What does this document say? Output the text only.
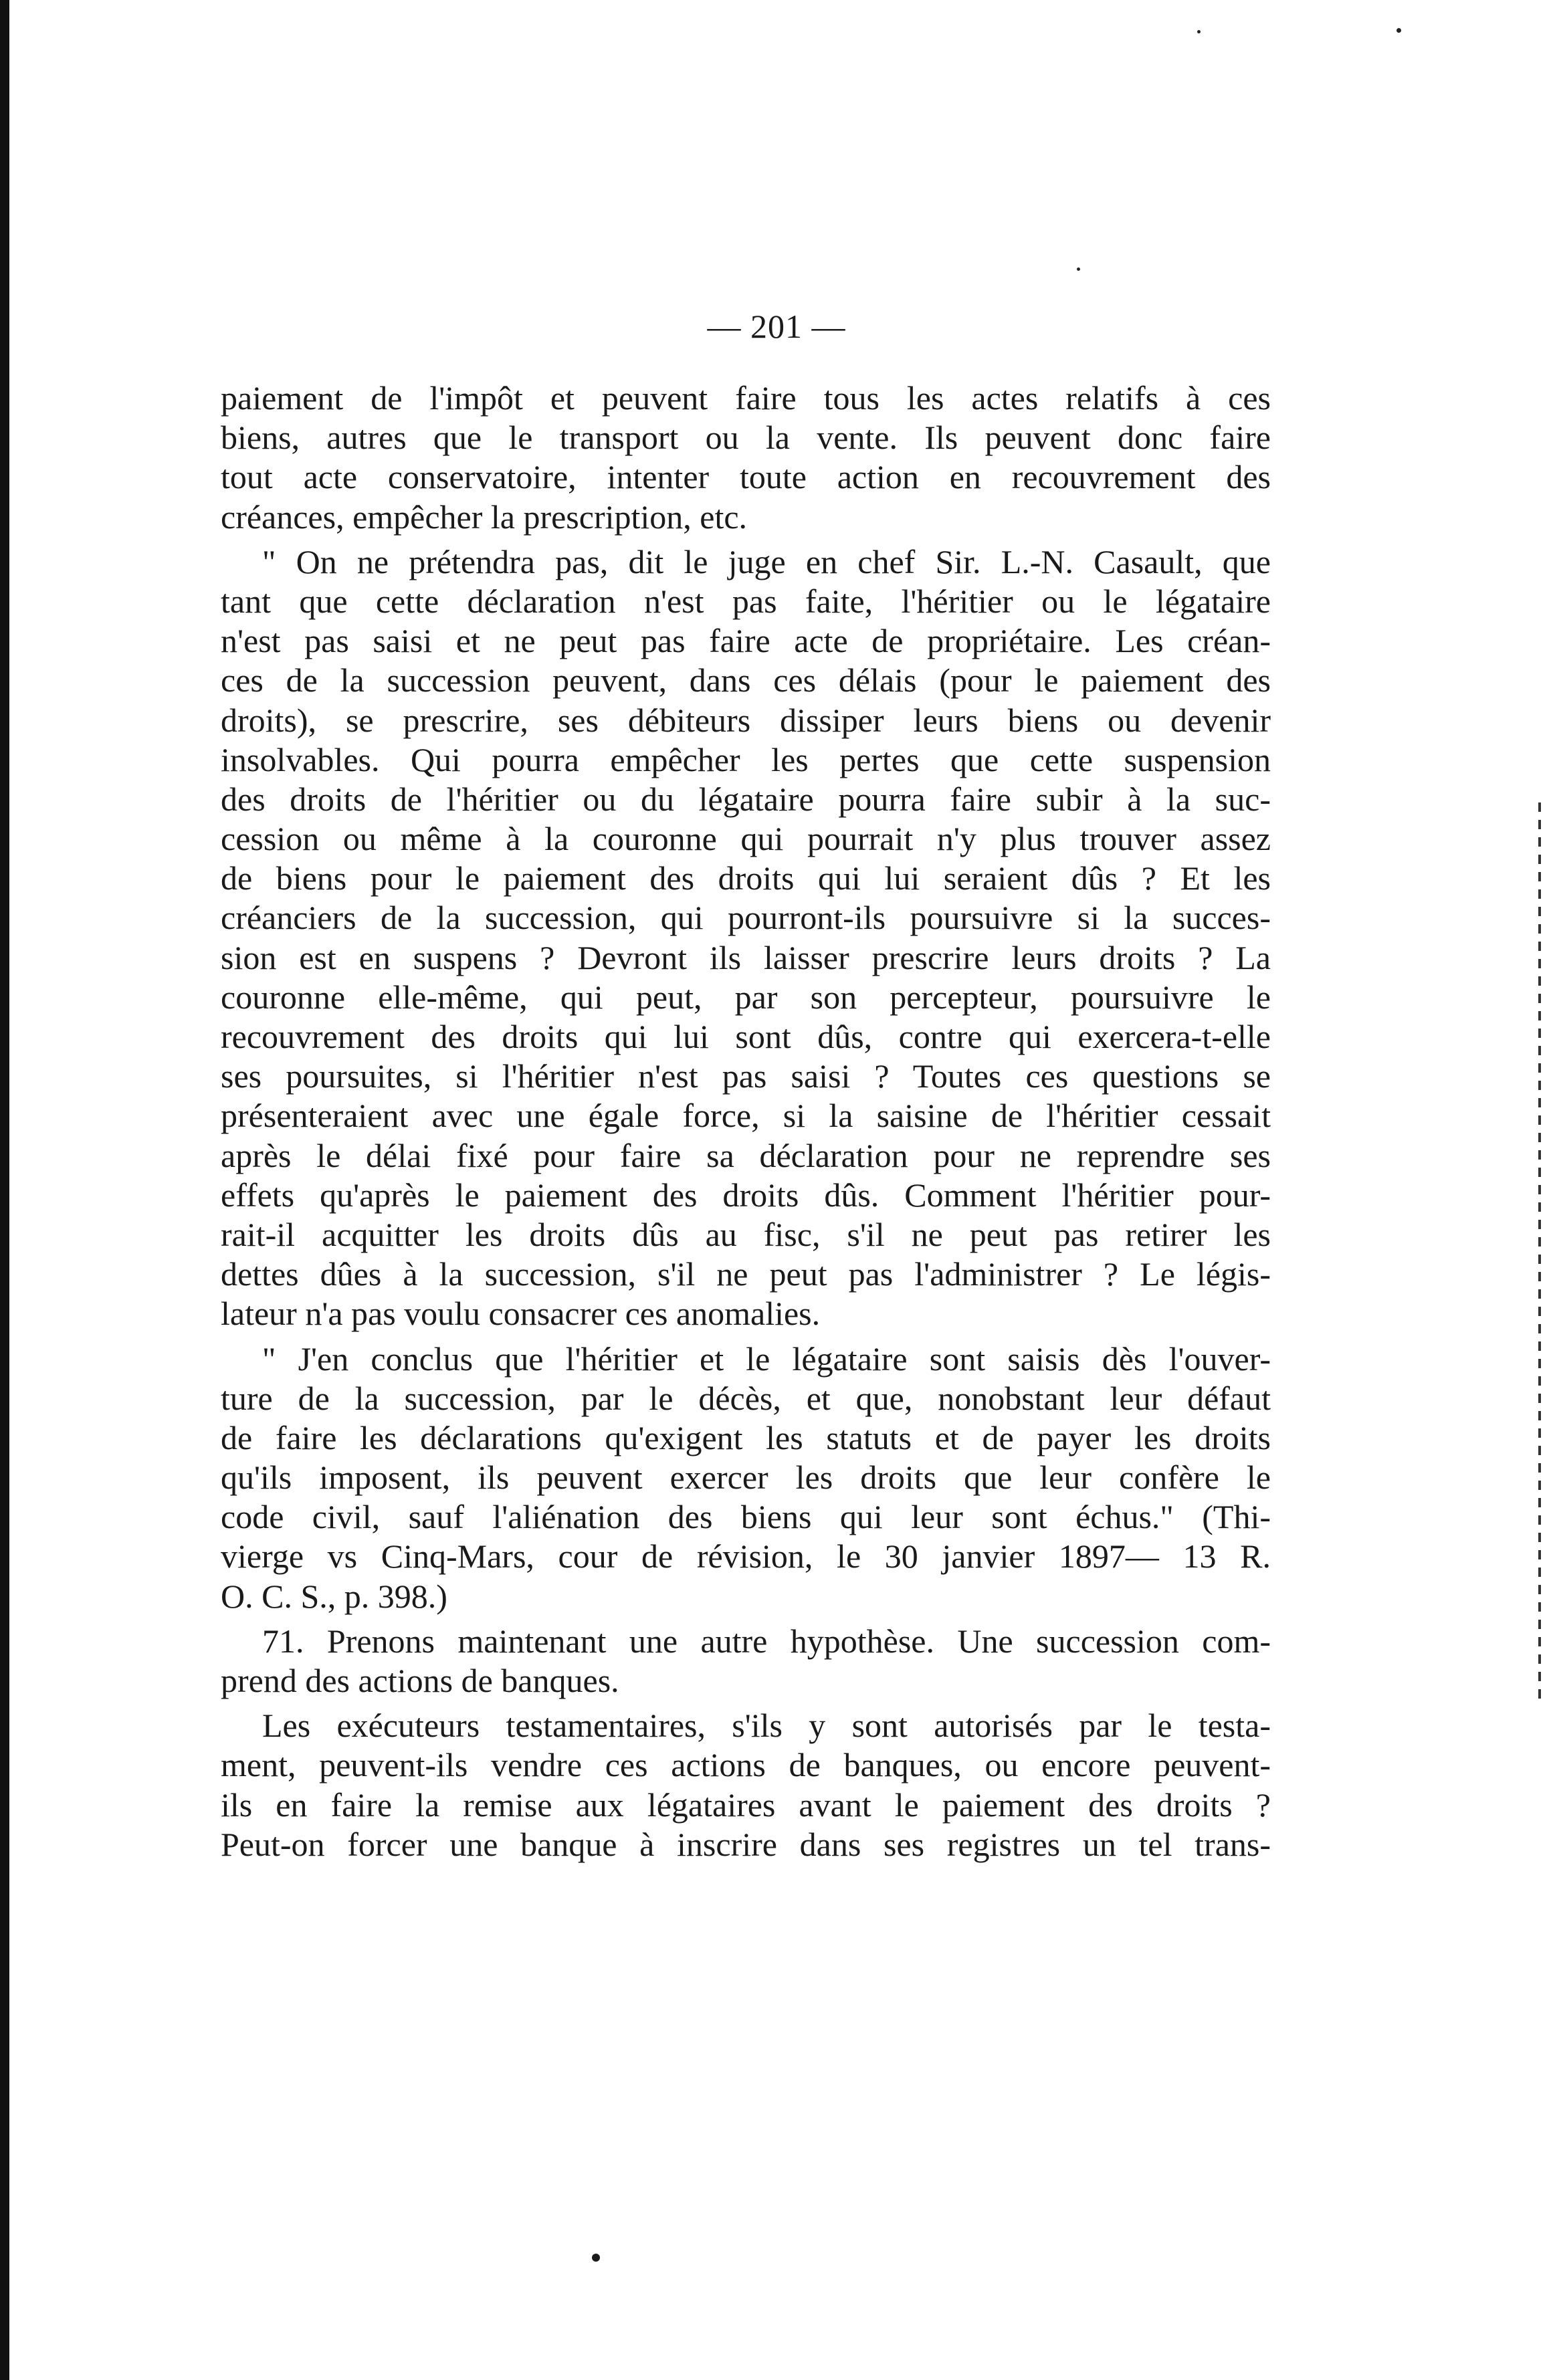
— 201 —
paiement de l'impôt et peuvent faire tous les actes relatifs à ces
biens, autres que le transport ou la vente. Ils peuvent donc faire
tout acte conservatoire, intenter toute action en recouvrement des
créances, empêcher la prescription, etc.
" On ne prétendra pas, dit le juge en chef Sir. L.-N. Casault, que
tant que cette déclaration n'est pas faite, l'héritier ou le légataire
n'est pas saisi et ne peut pas faire acte de propriétaire. Les créan-
ces de la succession peuvent, dans ces délais (pour le paiement des
droits), se prescrire, ses débiteurs dissiper leurs biens ou devenir
insolvables. Qui pourra empêcher les pertes que cette suspension
des droits de l'héritier ou du légataire pourra faire subir à la suc-
cession ou même à la couronne qui pourrait n'y plus trouver assez
de biens pour le paiement des droits qui lui seraient dûs ? Et les
créanciers de la succession, qui pourront-ils poursuivre si la succes-
sion est en suspens ? Devront ils laisser prescrire leurs droits ? La
couronne elle-même, qui peut, par son percepteur, poursuivre le
recouvrement des droits qui lui sont dûs, contre qui exercera-t-elle
ses poursuites, si l'héritier n'est pas saisi ? Toutes ces questions se
présenteraient avec une égale force, si la saisine de l'héritier cessait
après le délai fixé pour faire sa déclaration pour ne reprendre ses
effets qu'après le paiement des droits dûs. Comment l'héritier pour-
rait-il acquitter les droits dûs au fisc, s'il ne peut pas retirer les
dettes dûes à la succession, s'il ne peut pas l'administrer ? Le légis-
lateur n'a pas voulu consacrer ces anomalies.
" J'en conclus que l'héritier et le légataire sont saisis dès l'ouver-
ture de la succession, par le décès, et que, nonobstant leur défaut
de faire les déclarations qu'exigent les statuts et de payer les droits
qu'ils imposent, ils peuvent exercer les droits que leur confère le
code civil, sauf l'aliénation des biens qui leur sont échus." (Thi-
vierge vs Cinq-Mars, cour de révision, le 30 janvier 1897— 13 R.
O. C. S., p. 398.)
71. Prenons maintenant une autre hypothèse. Une succession com-
prend des actions de banques.
Les exécuteurs testamentaires, s'ils y sont autorisés par le testa-
ment, peuvent-ils vendre ces actions de banques, ou encore peuvent-
ils en faire la remise aux légataires avant le paiement des droits ?
Peut-on forcer une banque à inscrire dans ses registres un tel trans-
